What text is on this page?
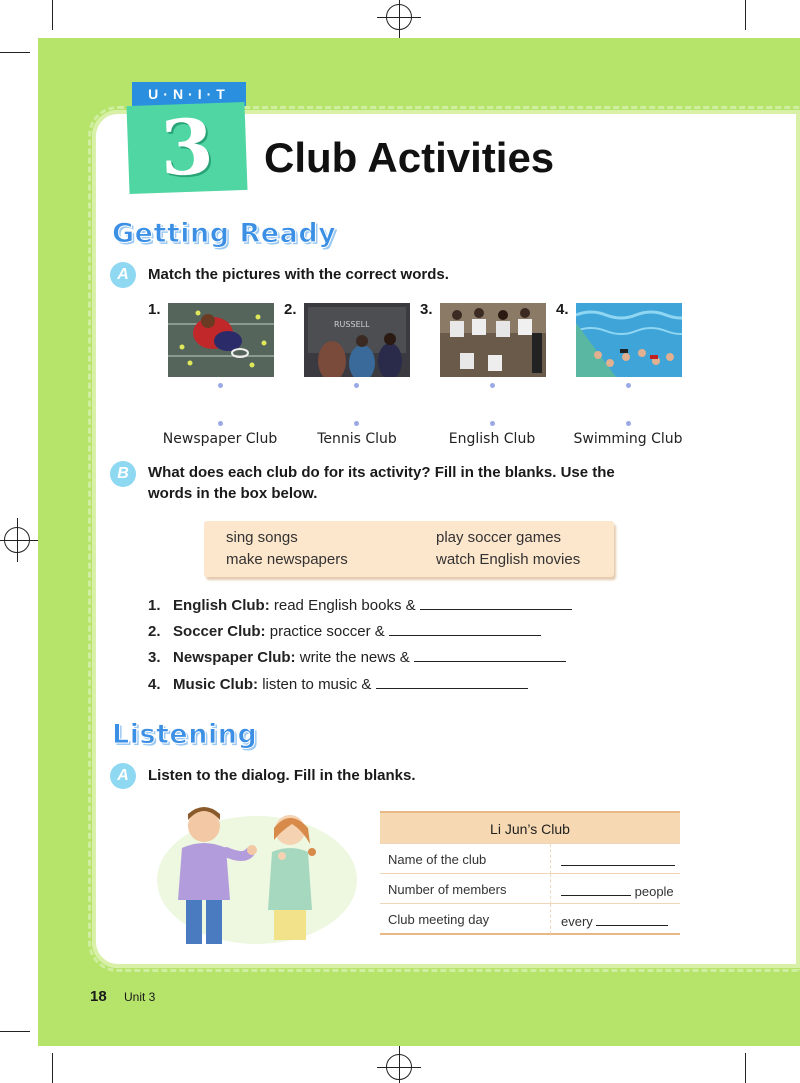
U·N·I·T
3	Club Activities
Getting Ready
A	Match the pictures with the correct words.
1.	2.	3.	4.
RUSSELL
Newspaper Club	Tennis Club	English Club	Swimming Club
B	What does each club do for its activity? Fill in the blanks. Use the
words in the box below.
sing songs	play soccer games
make newspapers	watch English movies
1. English Club: read English books &
2. Soccer Club: practice soccer &
3. Newspaper Club: write the news &
4. Music Club: listen to music &
Listening
A	Listen to the dialog. Fill in the blanks.
Li Jun’s Club
Name of the club
Number of members	people
Club meeting day	every
18 Unit 3
